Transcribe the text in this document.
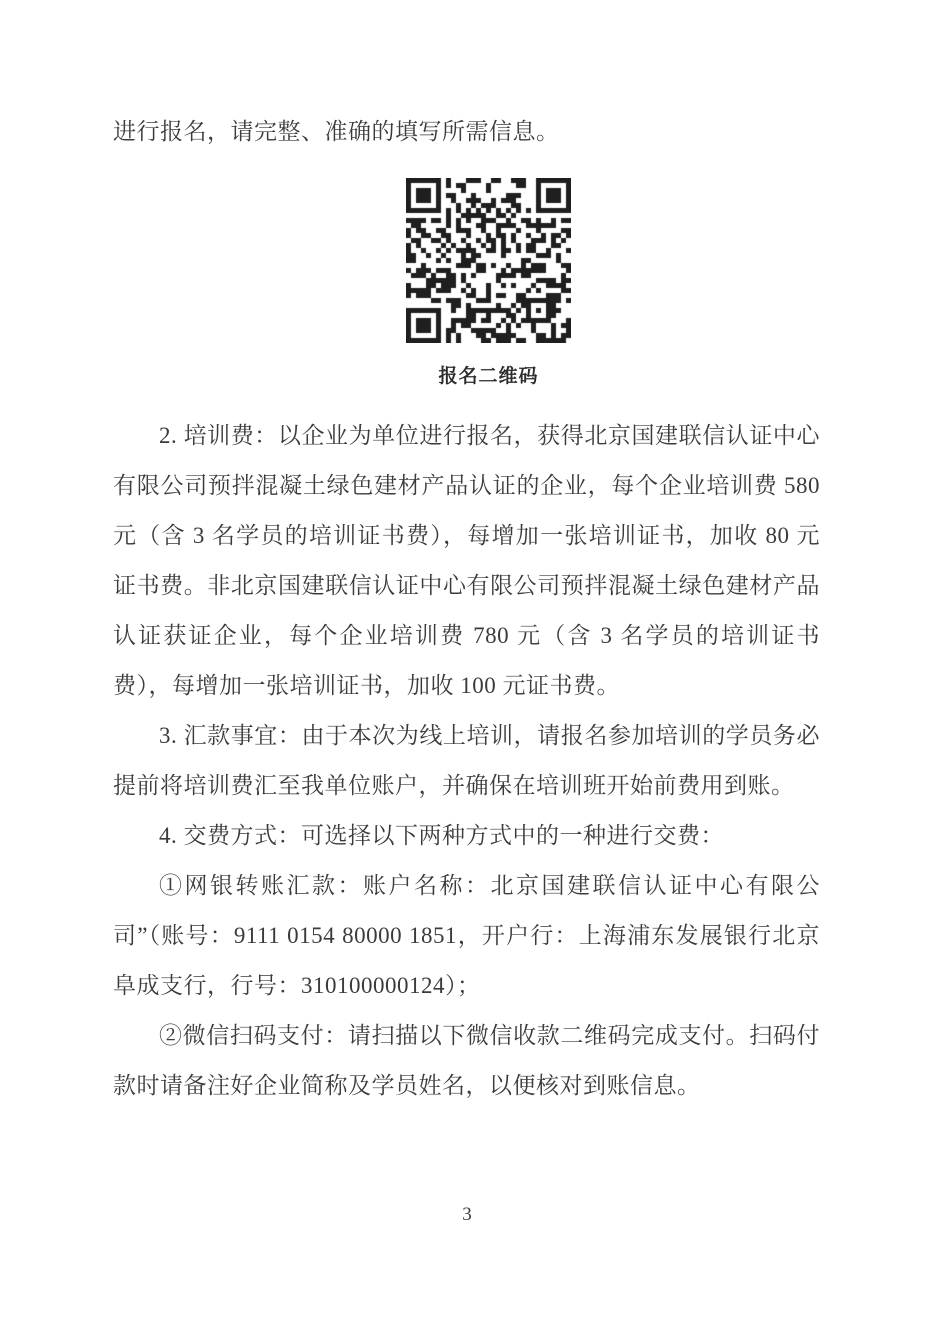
进行报名，请完整、准确的填写所需信息。

报名二维码

2. 培训费：以企业为单位进行报名，获得北京国建联信认证中心有限公司预拌混凝土绿色建材产品认证的企业，每个企业培训费 580 元（含 3 名学员的培训证书费），每增加一张培训证书，加收 80 元证书费。非北京国建联信认证中心有限公司预拌混凝土绿色建材产品认证获证企业，每个企业培训费 780 元（含 3 名学员的培训证书费），每增加一张培训证书，加收 100 元证书费。

3. 汇款事宜：由于本次为线上培训，请报名参加培训的学员务必提前将培训费汇至我单位账户，并确保在培训班开始前费用到账。

4. 交费方式：可选择以下两种方式中的一种进行交费：

①网银转账汇款：账户名称：北京国建联信认证中心有限公司”（账号：9111 0154 80000 1851，开户行：上海浦东发展银行北京阜成支行，行号：310100000124）；

②微信扫码支付：请扫描以下微信收款二维码完成支付。扫码付款时请备注好企业简称及学员姓名，以便核对到账信息。

3
